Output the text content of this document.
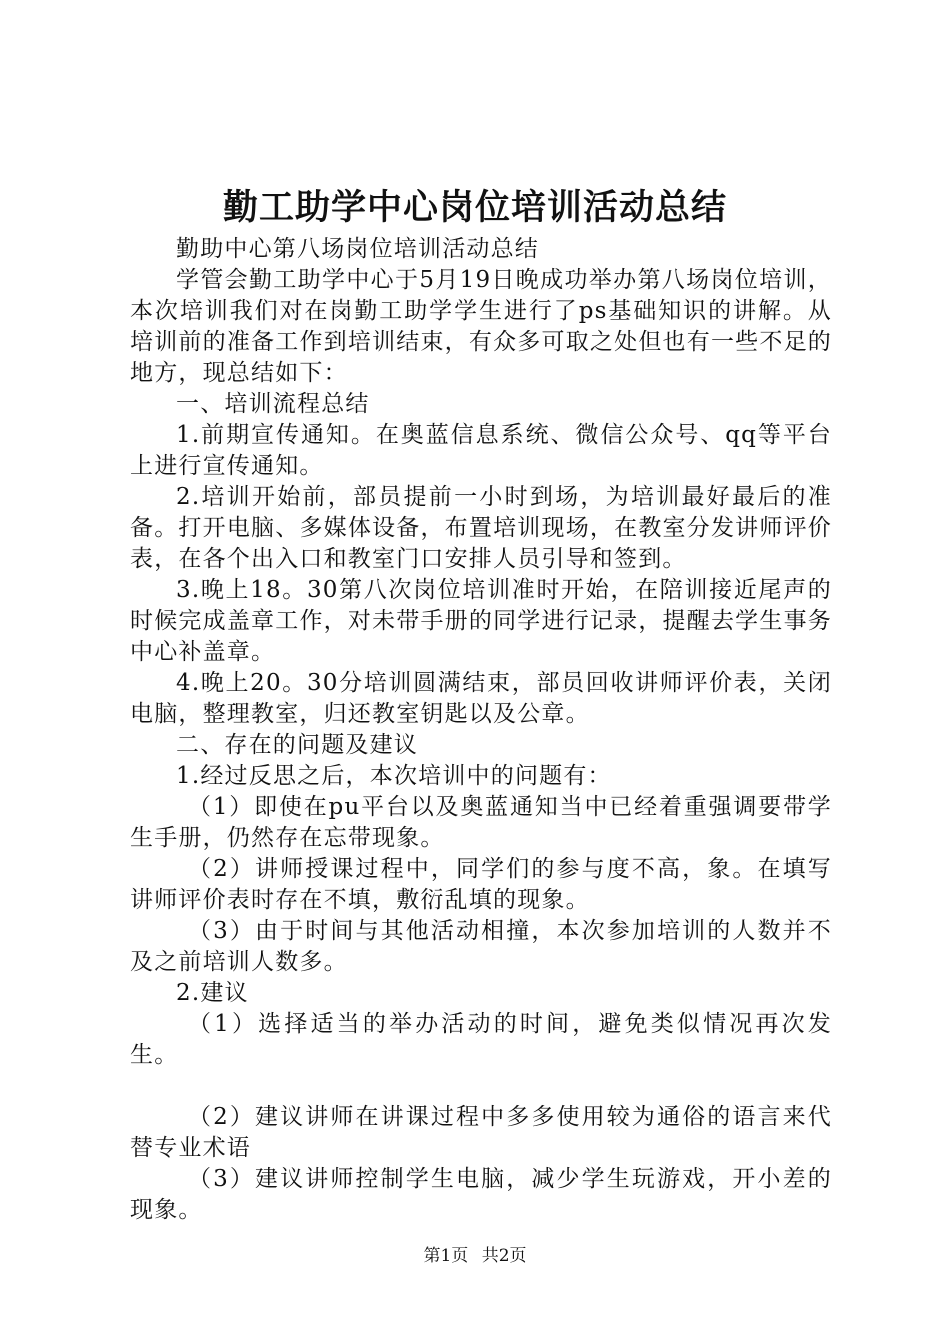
勤工助学中心岗位培训活动总结

勤助中心第八场岗位培训活动总结

学管会勤工助学中心于5月19日晚成功举办第八场岗位培训，本次培训我们对在岗勤工助学学生进行了ps基础知识的讲解。从培训前的准备工作到培训结束，有众多可取之处但也有一些不足的地方，现总结如下：

一、培训流程总结

1.前期宣传通知。在奥蓝信息系统、微信公众号、qq等平台上进行宣传通知。

2.培训开始前，部员提前一小时到场，为培训最好最后的准备。打开电脑、多媒体设备，布置培训现场，在教室分发讲师评价表，在各个出入口和教室门口安排人员引导和签到。

3.晚上18。30第八次岗位培训准时开始，在陪训接近尾声的时候完成盖章工作，对未带手册的同学进行记录，提醒去学生事务中心补盖章。

4.晚上20。30分培训圆满结束，部员回收讲师评价表，关闭电脑，整理教室，归还教室钥匙以及公章。

二、存在的问题及建议

1.经过反思之后，本次培训中的问题有：

（1）即使在pu平台以及奥蓝通知当中已经着重强调要带学生手册，仍然存在忘带现象。

（2）讲师授课过程中，同学们的参与度不高，象。在填写讲师评价表时存在不填，敷衍乱填的现象。

（3）由于时间与其他活动相撞，本次参加培训的人数并不及之前培训人数多。

2.建议

（1）选择适当的举办活动的时间，避免类似情况再次发生。

（2）建议讲师在讲课过程中多多使用较为通俗的语言来代替专业术语

（3）建议讲师控制学生电脑，减少学生玩游戏，开小差的现象。

第1页 共2页
